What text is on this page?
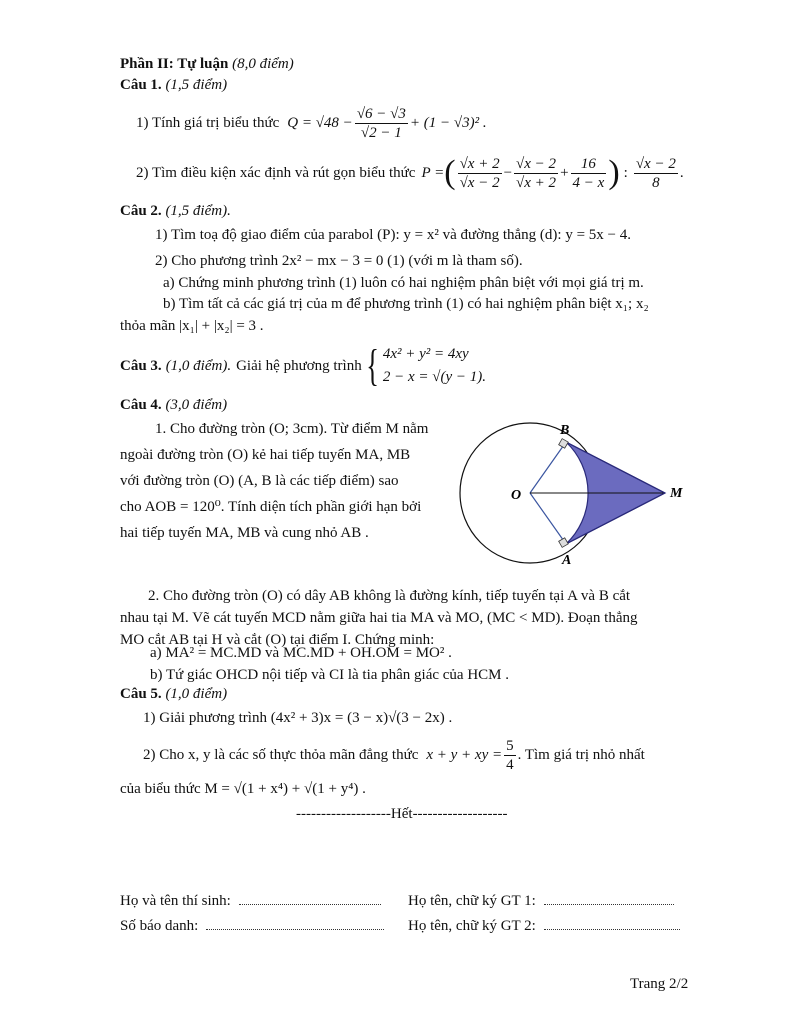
Phần II: Tự luận (8,0 điểm)
Câu 1. (1,5 điểm)
1) Tính giá trị biểu thức $Q = √48 - \frac{√6 - √3}{√2 - 1} + (1 - √3)^2$ .
2) Tìm điều kiện xác định và rút gọn biểu thức P = ( $\frac{√x + 2}{√x - 2} - \frac{√x - 2}{√x + 2} + \frac{16}{4 - x}$ ) : $\frac{√x - 2}{8}$ .
Câu 2. (1,5 điểm).
1) Tìm toạ độ giao điểm của parabol (P): y = x² và đường thẳng (d): y = 5x − 4.
2) Cho phương trình 2x² − mx − 3 = 0 (1) (với m là tham số).
a) Chứng minh phương trình (1) luôn có hai nghiệm phân biệt với mọi giá trị m.
b) Tìm tất cả các giá trị của m để phương trình (1) có hai nghiệm phân biệt x₁; x₂
thỏa mãn |x₁| + |x₂| = 3 .
Câu 3. (1,0 điểm). Giải hệ phương trình { 4x² + y² = 4xy
2 − x = √(y − 1).
Câu 4. (3,0 điểm)
1. Cho đường tròn (O; 3cm). Từ điểm M nằm
ngoài đường tròn (O) kẻ hai tiếp tuyến MA, MB
với đường tròn (O) (A, B là các tiếp điểm) sao
cho AOB = 120⁰. Tính diện tích phần giới hạn bởi
hai tiếp tuyến MA, MB và cung nhỏ AB .
O	M
B
A
2. Cho đường tròn (O) có dây AB không là đường kính, tiếp tuyến tại A và B cắt
nhau tại M. Vẽ cát tuyến MCD nằm giữa hai tia MA và MO, (MC < MD). Đoạn thẳng
MO cắt AB tại H và cắt (O) tại điểm I. Chứng minh:
a) MA² = MC.MD và MC.MD + OH.OM = MO² .
b) Tứ giác OHCD nội tiếp và CI là tia phân giác của HCM .
Câu 5. (1,0 điểm)
1) Giải phương trình (4x² + 3)x = (3 − x)√(3 − 2x) .
2) Cho x, y là các số thực thỏa mãn đẳng thức x + y + xy = $\frac{5}{4}$ . Tìm giá trị nhỏ nhất
của biểu thức M = √(1 + x⁴) + √(1 + y⁴) .
-------------------Hết-------------------
Họ và tên thí sinh:
Số báo danh:
Họ tên, chữ ký GT 1:
Họ tên, chữ ký GT 2:
Trang 2/2
